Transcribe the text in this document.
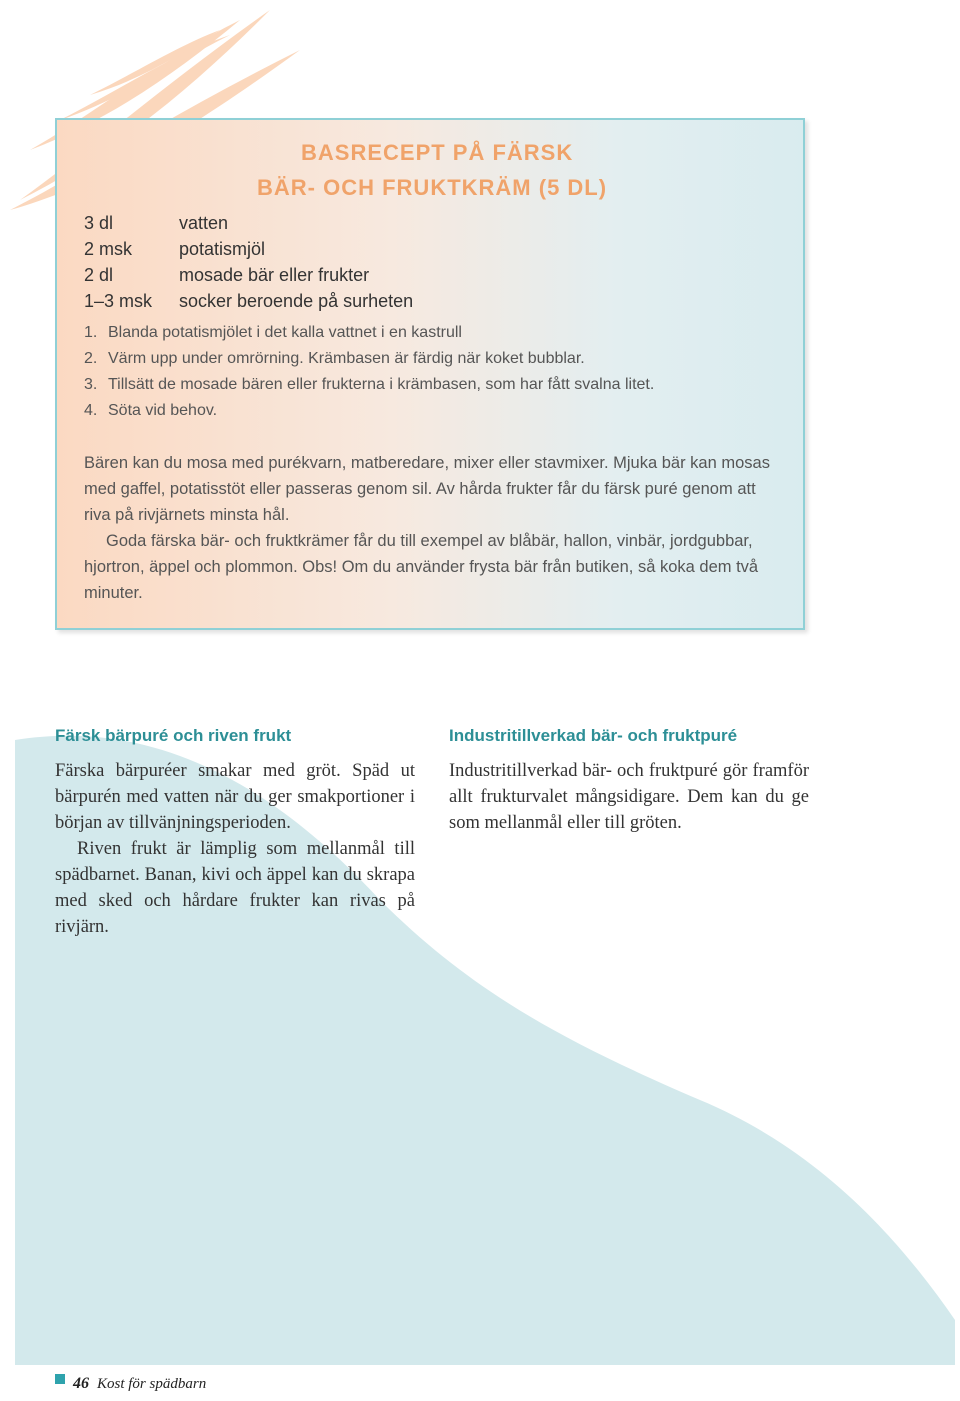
BASRECEPT PÅ FÄRSK
BÄR- OCH FRUKTKRÄM (5 DL)
3 dl	vatten
2 msk	potatismjöl
2 dl	mosade bär eller frukter
1–3 msk	socker beroende på surheten
1. Blanda potatismjölet i det kalla vattnet i en kastrull
2. Värm upp under omrörning. Krämbasen är färdig när koket bubblar.
3. Tillsätt de mosade bären eller frukterna i krämbasen, som har fått svalna litet.
4. Söta vid behov.

Bären kan du mosa med purékvarn, matberedare, mixer eller stavmixer. Mjuka bär kan mosas med gaffel, potatisstöt eller passeras genom sil. Av hårda frukter får du färsk puré genom att riva på rivjärnets minsta hål.

Goda färska bär- och fruktkrämer får du till exempel av blåbär, hallon, vinbär, jordgubbar, hjortron, äppel och plommon. Obs! Om du använder frysta bär från butiken, så koka dem två minuter.

Färsk bärpuré och riven frukt

Färska bärpuréer smakar med gröt. Späd ut bärpurén med vatten när du ger smakportioner i början av tillvänjningsperioden.

Riven frukt är lämplig som mellanmål till spädbarnet. Banan, kivi och äppel kan du skrapa med sked och hårdare frukter kan rivas på rivjärn.

Industritillverkad bär- och fruktpuré

Industritillverkad bär- och fruktpuré gör framför allt frukturvalet mångsidigare. Dem kan du ge som mellanmål eller till gröten.

46 Kost för spädbarn
